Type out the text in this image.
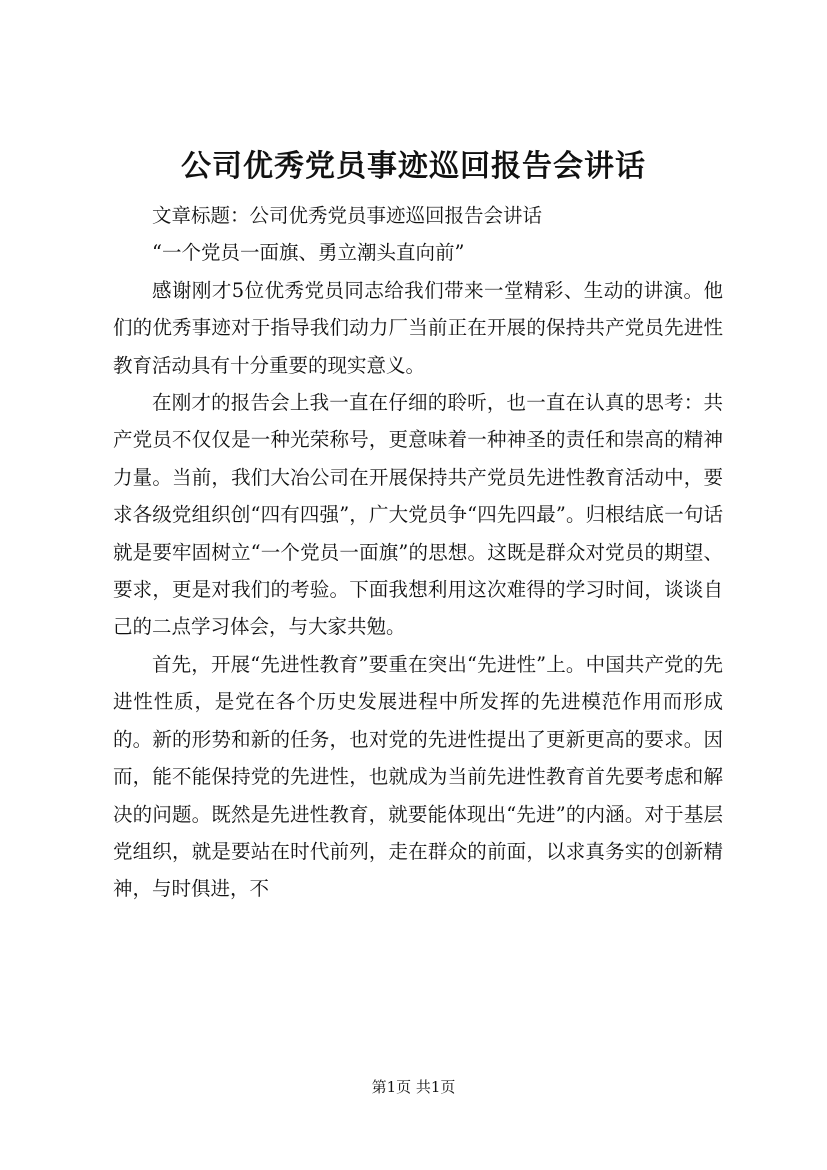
公司优秀党员事迹巡回报告会讲话

文章标题：公司优秀党员事迹巡回报告会讲话

“一个党员一面旗、勇立潮头直向前”

感谢刚才5位优秀党员同志给我们带来一堂精彩、生动的讲演。他们的优秀事迹对于指导我们动力厂当前正在开展的保持共产党员先进性教育活动具有十分重要的现实意义。

在刚才的报告会上我一直在仔细的聆听，也一直在认真的思考：共产党员不仅仅是一种光荣称号，更意味着一种神圣的责任和崇高的精神力量。当前，我们大冶公司在开展保持共产党员先进性教育活动中，要求各级党组织创“四有四强”，广大党员争“四先四最”。归根结底一句话就是要牢固树立“一个党员一面旗”的思想。这既是群众对党员的期望、要求，更是对我们的考验。下面我想利用这次难得的学习时间，谈谈自己的二点学习体会，与大家共勉。

首先，开展“先进性教育”要重在突出“先进性”上。中国共产党的先进性性质，是党在各个历史发展进程中所发挥的先进模范作用而形成的。新的形势和新的任务，也对党的先进性提出了更新更高的要求。因而，能不能保持党的先进性，也就成为当前先进性教育首先要考虑和解决的问题。既然是先进性教育，就要能体现出“先进”的内涵。对于基层党组织，就是要站在时代前列，走在群众的前面，以求真务实的创新精神，与时俱进，不

第1页 共1页
